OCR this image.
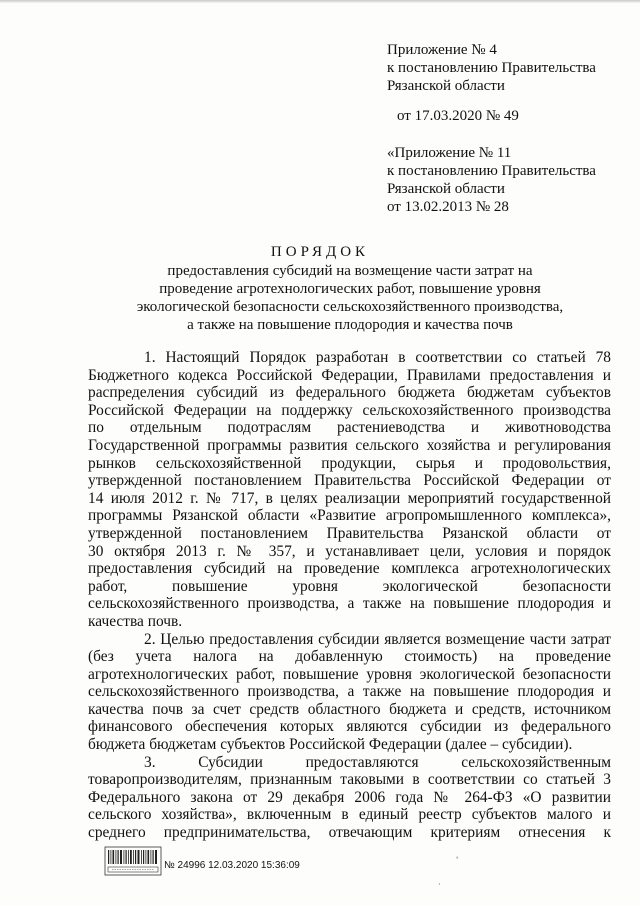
Приложение № 4
к постановлению Правительства
Рязанской области
от 17.03.2020 № 49
«Приложение № 11
к постановлению Правительства
Рязанской области
от 13.02.2013 № 28
ПОРЯДОК
предоставления субсидий на возмещение части затрат на
проведение агротехнологических работ, повышение уровня
экологической безопасности сельскохозяйственного производства,
а также на повышение плодородия и качества почв
1. Настоящий Порядок разработан в соответствии со статьей 78
Бюджетного кодекса Российской Федерации, Правилами предоставления и
распределения субсидий из федерального бюджета бюджетам субъектов
Российской Федерации на поддержку сельскохозяйственного производства
по отдельным подотраслям растениеводства и животноводства
Государственной программы развития сельского хозяйства и регулирования
рынков сельскохозяйственной продукции, сырья и продовольствия,
утвержденной постановлением Правительства Российской Федерации от
14 июля 2012 г. № 717, в целях реализации мероприятий государственной
программы Рязанской области «Развитие агропромышленного комплекса»,
утвержденной постановлением Правительства Рязанской области от
30 октября 2013 г. № 357, и устанавливает цели, условия и порядок
предоставления субсидий на проведение комплекса агротехнологических
работ, повышение уровня экологической безопасности
сельскохозяйственного производства, а также на повышение плодородия и
качества почв.
2. Целью предоставления субсидии является возмещение части затрат
(без учета налога на добавленную стоимость) на проведение
агротехнологических работ, повышение уровня экологической безопасности
сельскохозяйственного производства, а также на повышение плодородия и
качества почв за счет средств областного бюджета и средств, источником
финансового обеспечения которых являются субсидии из федерального
бюджета бюджетам субъектов Российской Федерации (далее – субсидии).
3. Субсидии предоставляются сельскохозяйственным
товаропроизводителям, признанным таковыми в соответствии со статьей 3
Федерального закона от 29 декабря 2006 года № 264-ФЗ «О развитии
сельского хозяйства», включенным в единый реестр субъектов малого и
среднего предпринимательства, отвечающим критериям отнесения к
№ 24996 12.03.2020 15:36:09	˚
·
